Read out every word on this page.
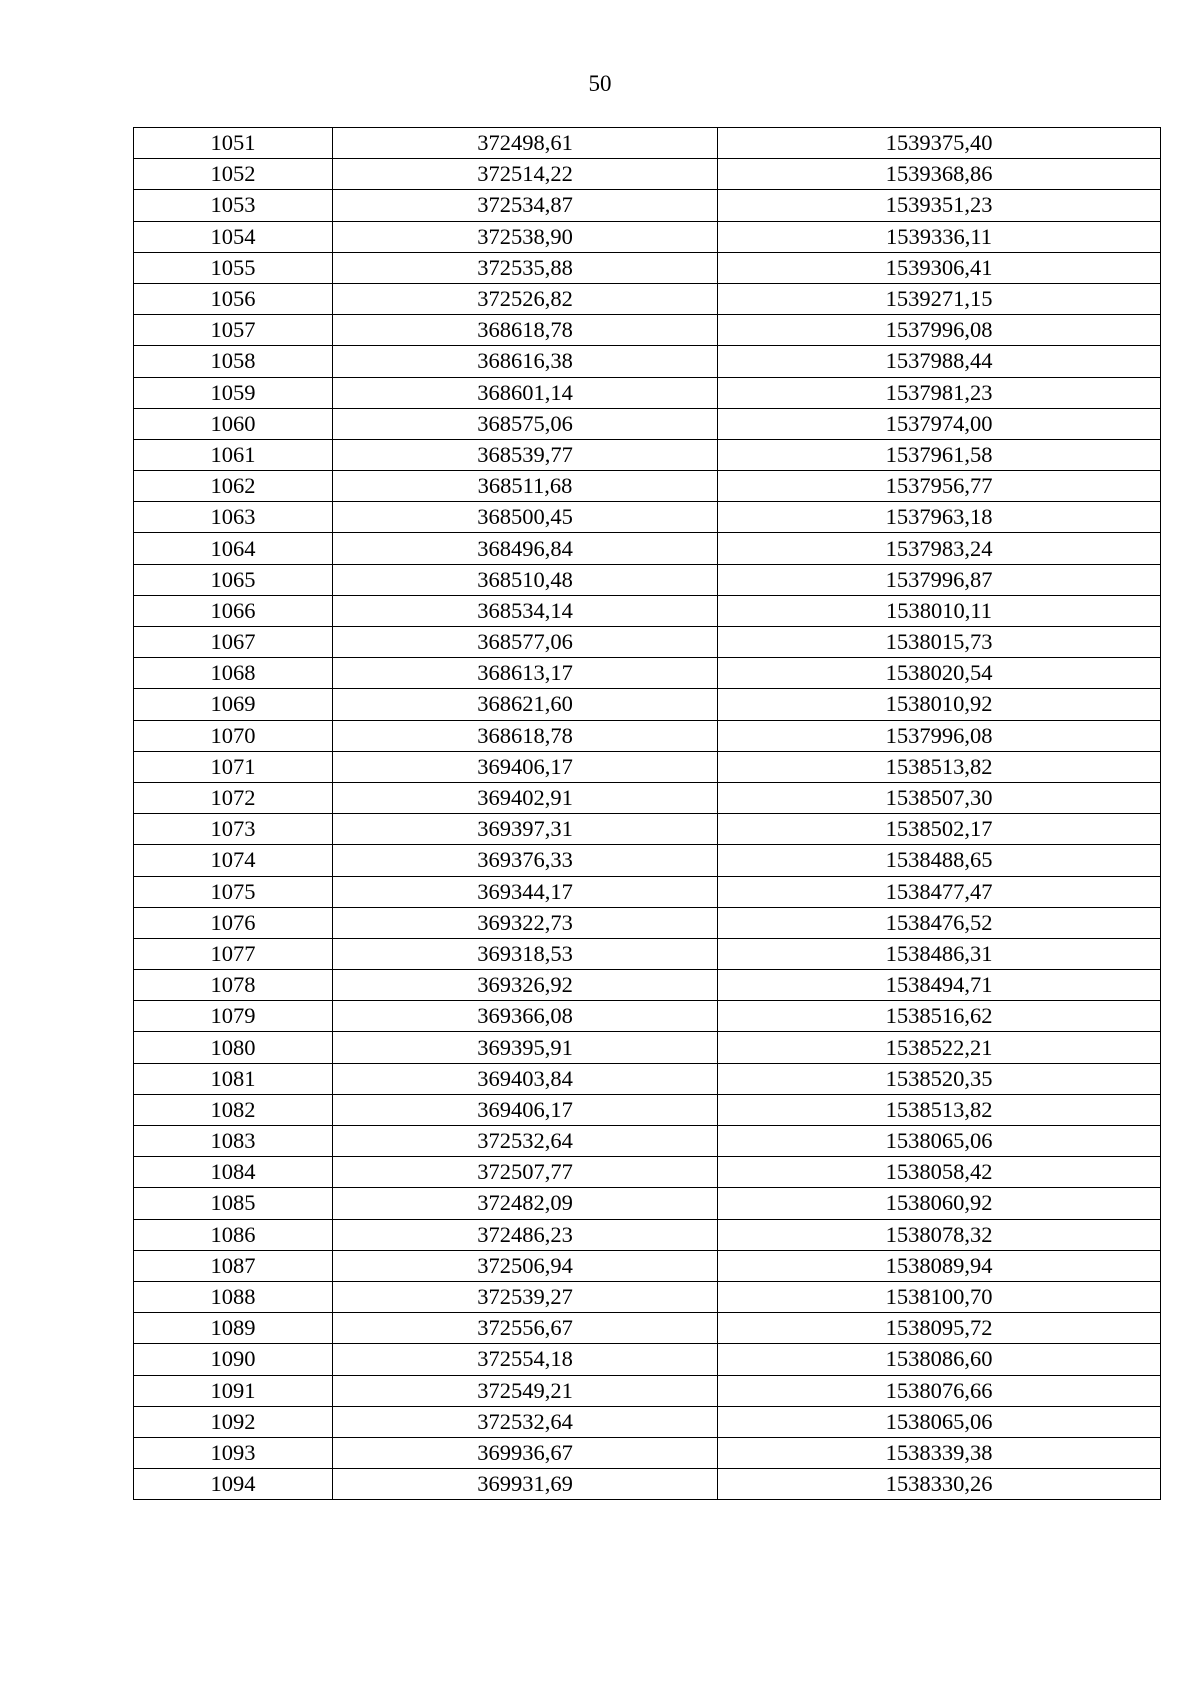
50
1051	372498,61	1539375,40
1052	372514,22	1539368,86
1053	372534,87	1539351,23
1054	372538,90	1539336,11
1055	372535,88	1539306,41
1056	372526,82	1539271,15
1057	368618,78	1537996,08
1058	368616,38	1537988,44
1059	368601,14	1537981,23
1060	368575,06	1537974,00
1061	368539,77	1537961,58
1062	368511,68	1537956,77
1063	368500,45	1537963,18
1064	368496,84	1537983,24
1065	368510,48	1537996,87
1066	368534,14	1538010,11
1067	368577,06	1538015,73
1068	368613,17	1538020,54
1069	368621,60	1538010,92
1070	368618,78	1537996,08
1071	369406,17	1538513,82
1072	369402,91	1538507,30
1073	369397,31	1538502,17
1074	369376,33	1538488,65
1075	369344,17	1538477,47
1076	369322,73	1538476,52
1077	369318,53	1538486,31
1078	369326,92	1538494,71
1079	369366,08	1538516,62
1080	369395,91	1538522,21
1081	369403,84	1538520,35
1082	369406,17	1538513,82
1083	372532,64	1538065,06
1084	372507,77	1538058,42
1085	372482,09	1538060,92
1086	372486,23	1538078,32
1087	372506,94	1538089,94
1088	372539,27	1538100,70
1089	372556,67	1538095,72
1090	372554,18	1538086,60
1091	372549,21	1538076,66
1092	372532,64	1538065,06
1093	369936,67	1538339,38
1094	369931,69	1538330,26
